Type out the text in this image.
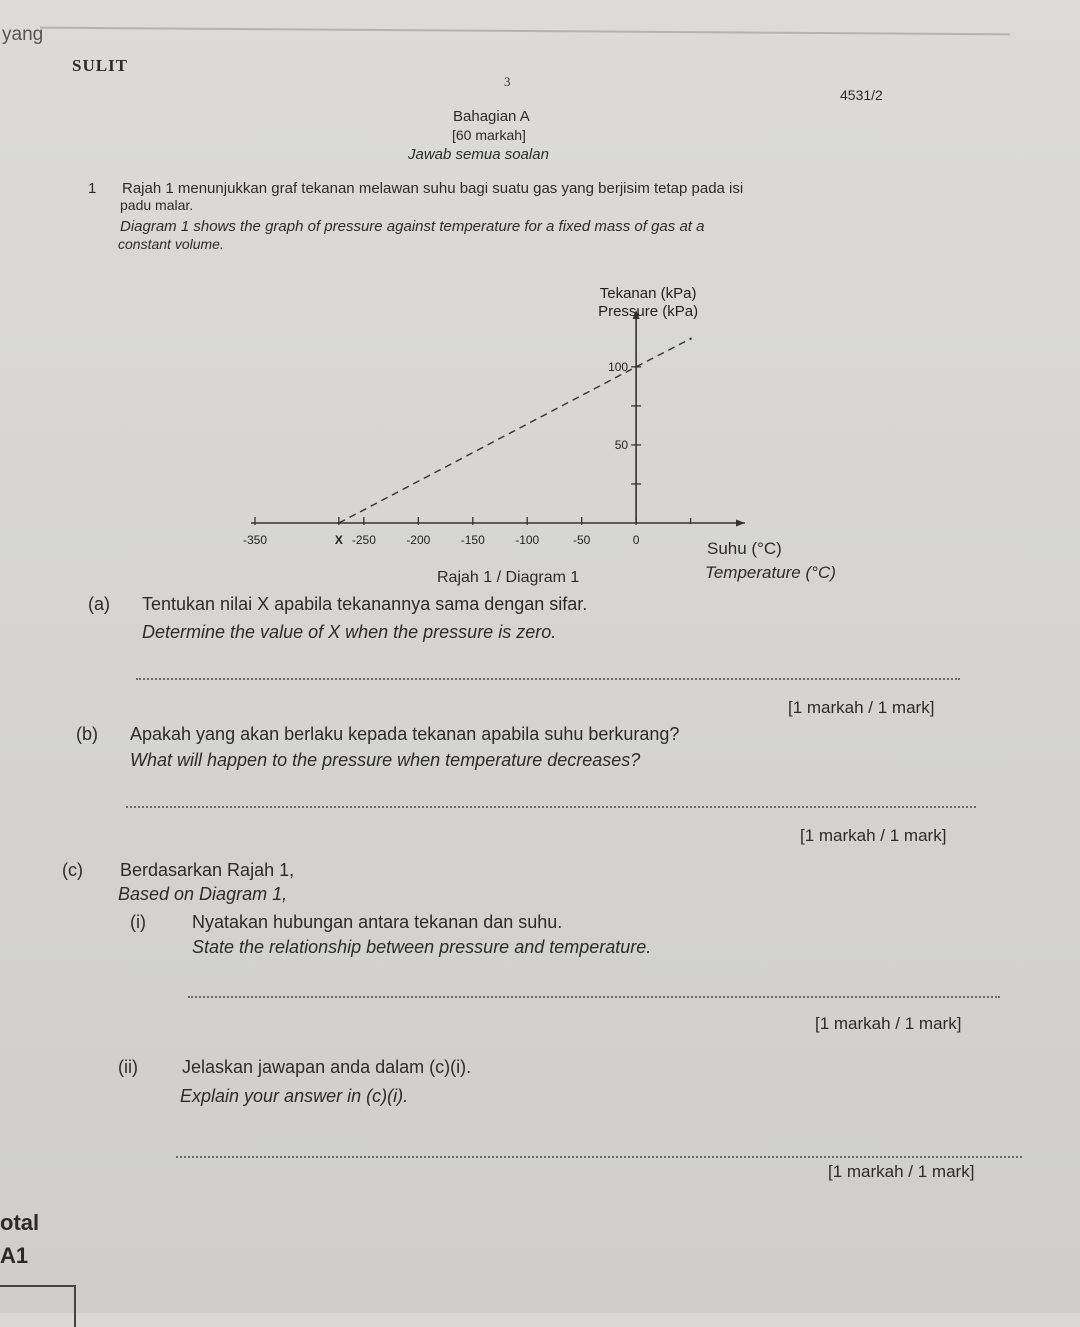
yang
SULIT
3
4531/2
Bahagian A
[60 markah]
Jawab semua soalan
1 Rajah 1 menunjukkan graf tekanan melawan suhu bagi suatu gas yang berjisim tetap pada isi
padu malar.
Diagram 1 shows the graph of pressure against temperature for a fixed mass of gas at a
constant volume.
-350	X -250	-200	-150	-100	-50	0
50
100
Tekanan (kPa)
Pressure (kPa)
Suhu (°C)
Temperature (°C)
Rajah 1 / Diagram 1
(a) Tentukan nilai X apabila tekanannya sama dengan sifar.
Determine the value of X when the pressure is zero.
[1 markah / 1 mark]
(b) Apakah yang akan berlaku kepada tekanan apabila suhu berkurang?
What will happen to the pressure when temperature decreases?
[1 markah / 1 mark]
(c) Berdasarkan Rajah 1,
Based on Diagram 1,
(i)	Nyatakan hubungan antara tekanan dan suhu.
State the relationship between pressure and temperature.
[1 markah / 1 mark]
(ii) Jelaskan jawapan anda dalam (c)(i).
Explain your answer in (c)(i).
[1 markah / 1 mark]
otal
A1
